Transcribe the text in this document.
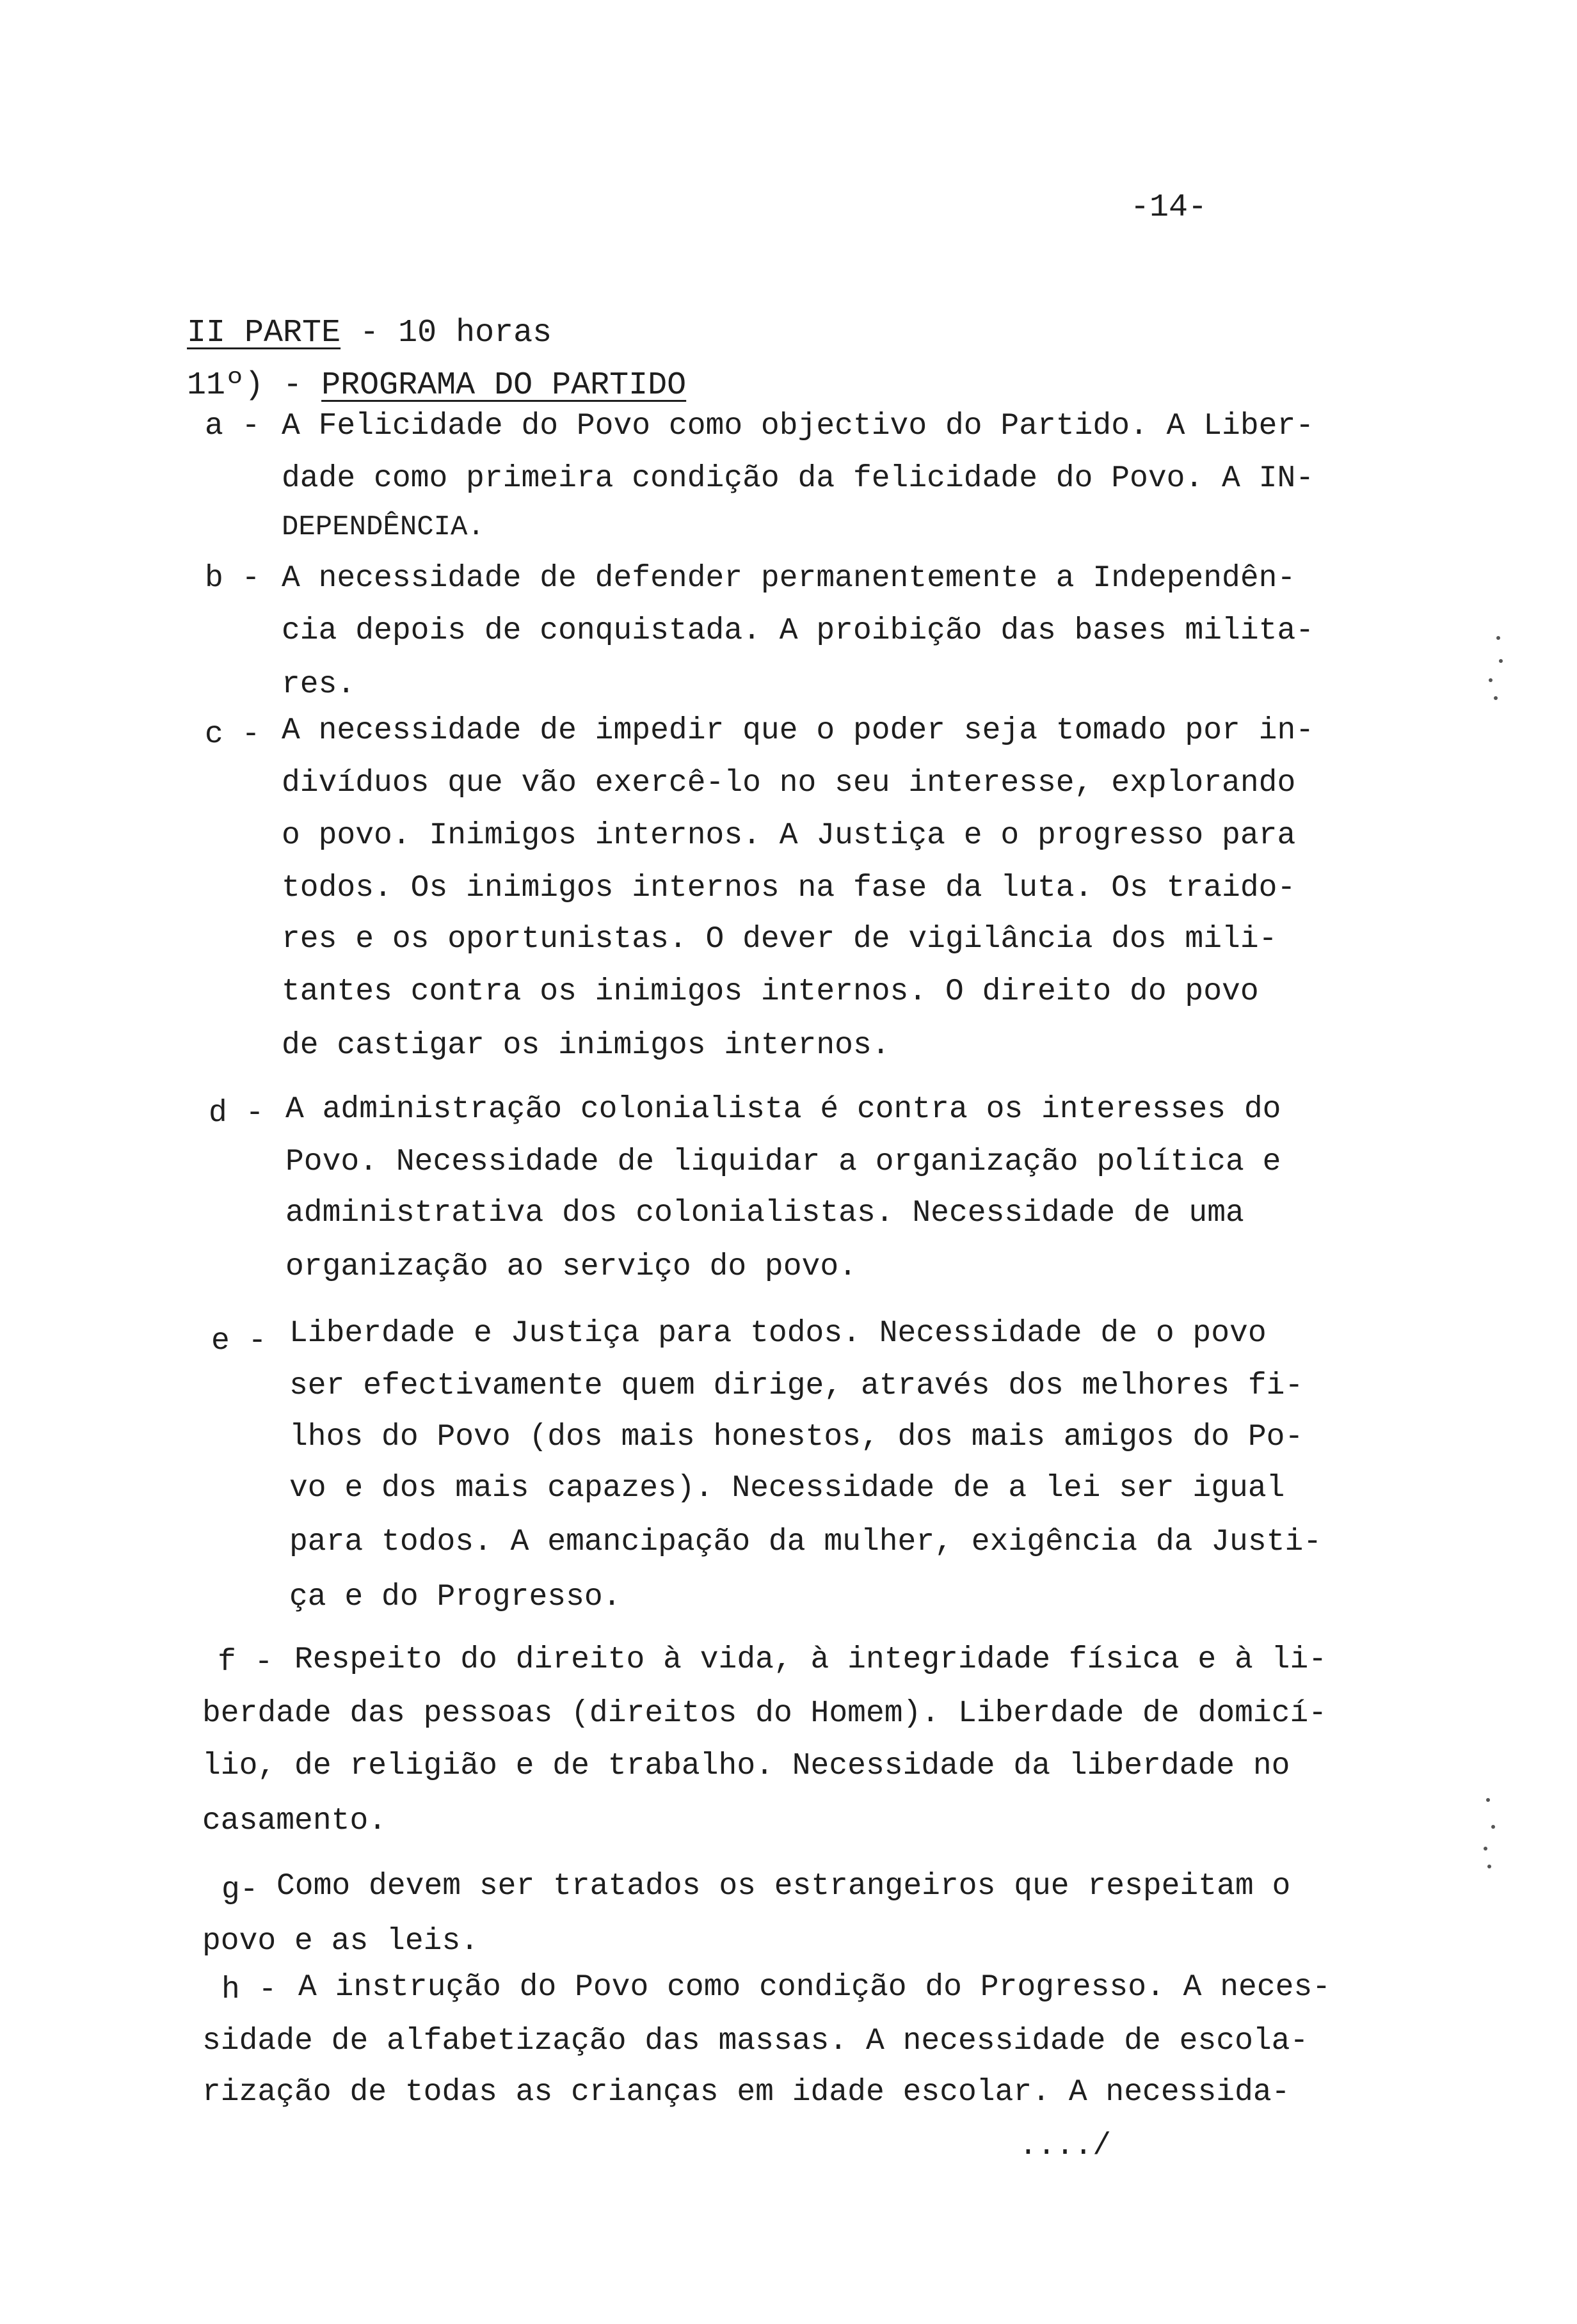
-14-

II PARTE - 10 horas

11º) - PROGRAMA DO PARTIDO

a - A Felicidade do Povo como objectivo do Partido. A Liber-
dade como primeira condição da felicidade do Povo. A IN-
DEPENDÊNCIA.
b - A necessidade de defender permanentemente a Independên-
cia depois de conquistada. A proibição das bases milita-
res.
c - A necessidade de impedir que o poder seja tomado por in-
divíduos que vão exercê-lo no seu interesse, explorando
o povo. Inimigos internos. A Justiça e o progresso para
todos. Os inimigos internos na fase da luta. Os traido-
res e os oportunistas. O dever de vigilância dos mili-
tantes contra os inimigos internos. O direito do povo
de castigar os inimigos internos.
d - A administração colonialista é contra os interesses do
Povo. Necessidade de liquidar a organização política e
administrativa dos colonialistas. Necessidade de uma
organização ao serviço do povo.
e - Liberdade e Justiça para todos. Necessidade de o povo
ser efectivamente quem dirige, através dos melhores fi-
lhos do Povo (dos mais honestos, dos mais amigos do Po-
vo e dos mais capazes). Necessidade de a lei ser igual
para todos. A emancipação da mulher, exigência da Justi-
ça e do Progresso.
f - Respeito do direito à vida, à integridade física e à li-
berdade das pessoas (direitos do Homem). Liberdade de domicí-
lio, de religião e de trabalho. Necessidade da liberdade no
casamento.
g- Como devem ser tratados os estrangeiros que respeitam o
povo e as leis.
h - A instrução do Povo como condição do Progresso. A neces-
sidade de alfabetização das massas. A necessidade de escola-
rização de todas as crianças em idade escolar. A necessida-
..../
